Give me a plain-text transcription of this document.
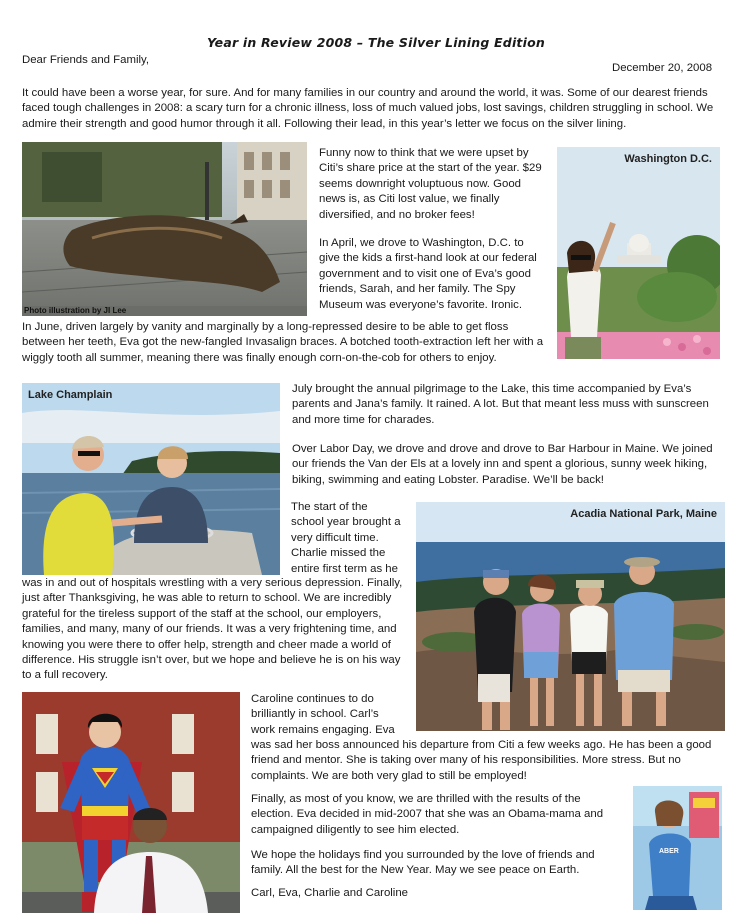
Year in Review 2008 – The Silver Lining Edition
Dear Friends and Family,
December 20, 2008

It could have been a worse year, for sure. And for many families in our country and around the world, it was. Some of our dearest friends faced tough challenges in 2008: a scary turn for a chronic illness, loss of much valued jobs, lost savings, children struggling in school. We admire their strength and good humor through it all. Following their lead, in this year’s letter we focus on the silver lining.

Photo illustration by JI Lee

Funny now to think that we were upset by Citi’s share price at the start of the year. $29 seems downright voluptuous now. Good news is, as Citi lost value, we finally diversified, and no broker fees!

In April, we drove to Washington, D.C. to give the kids a first-hand look at our federal government and to visit one of Eva’s good friends, Sarah, and her family. The Spy Museum was everyone’s favorite. Ironic.

Washington D.C.

In June, driven largely by vanity and marginally by a long-repressed desire to be able to get floss between her teeth, Eva got the new-fangled Invasalign braces. A botched tooth-extraction left her with a wiggly tooth all summer, meaning there was finally enough corn-on-the-cob for others to enjoy.

Lake Champlain	July brought the annual pilgrimage to the Lake, this time accompanied by Eva’s parents and Jana’s family. It rained. A lot. But that meant less muss with sunscreen and more time for charades.

Over Labor Day, we drove and drove and drove to Bar Harbour in Maine. We joined our friends the Van der Els at a lovely inn and spent a glorious, sunny week hiking, biking, swimming and eating Lobster. Paradise. We’ll be back!

The start of the
school year brought a
very difficult time.
Charlie missed the
entire first term as he
Acadia National Park, Maine

was in and out of hospitals wrestling with a very serious depression. Finally, just after Thanksgiving, he was able to return to school. We are incredibly grateful for the tireless support of the staff at the school, our employers, families, and many, many of our friends. It was a very frightening time, and knowing you were there to offer help, strength and cheer made a world of difference. His struggle isn’t over, but we hope and believe he is on his way to a full recovery.

Caroline continues to do
brilliantly in school. Carl’s
work remains engaging. Eva

was sad her boss announced his departure from Citi a few weeks ago. He has been a good friend and mentor. She is taking over many of his responsibilities. More stress. But no complaints. We are both very glad to still be employed!

Finally, as most of you know, we are thrilled with the results of the election. Eva decided in mid-2007 that she was an Obama-mama and campaigned diligently to see him elected.

We hope the holidays find you surrounded by the love of friends and family. All the best for the New Year. May we see peace on Earth.

Carl, Eva, Charlie and Caroline
ABER
